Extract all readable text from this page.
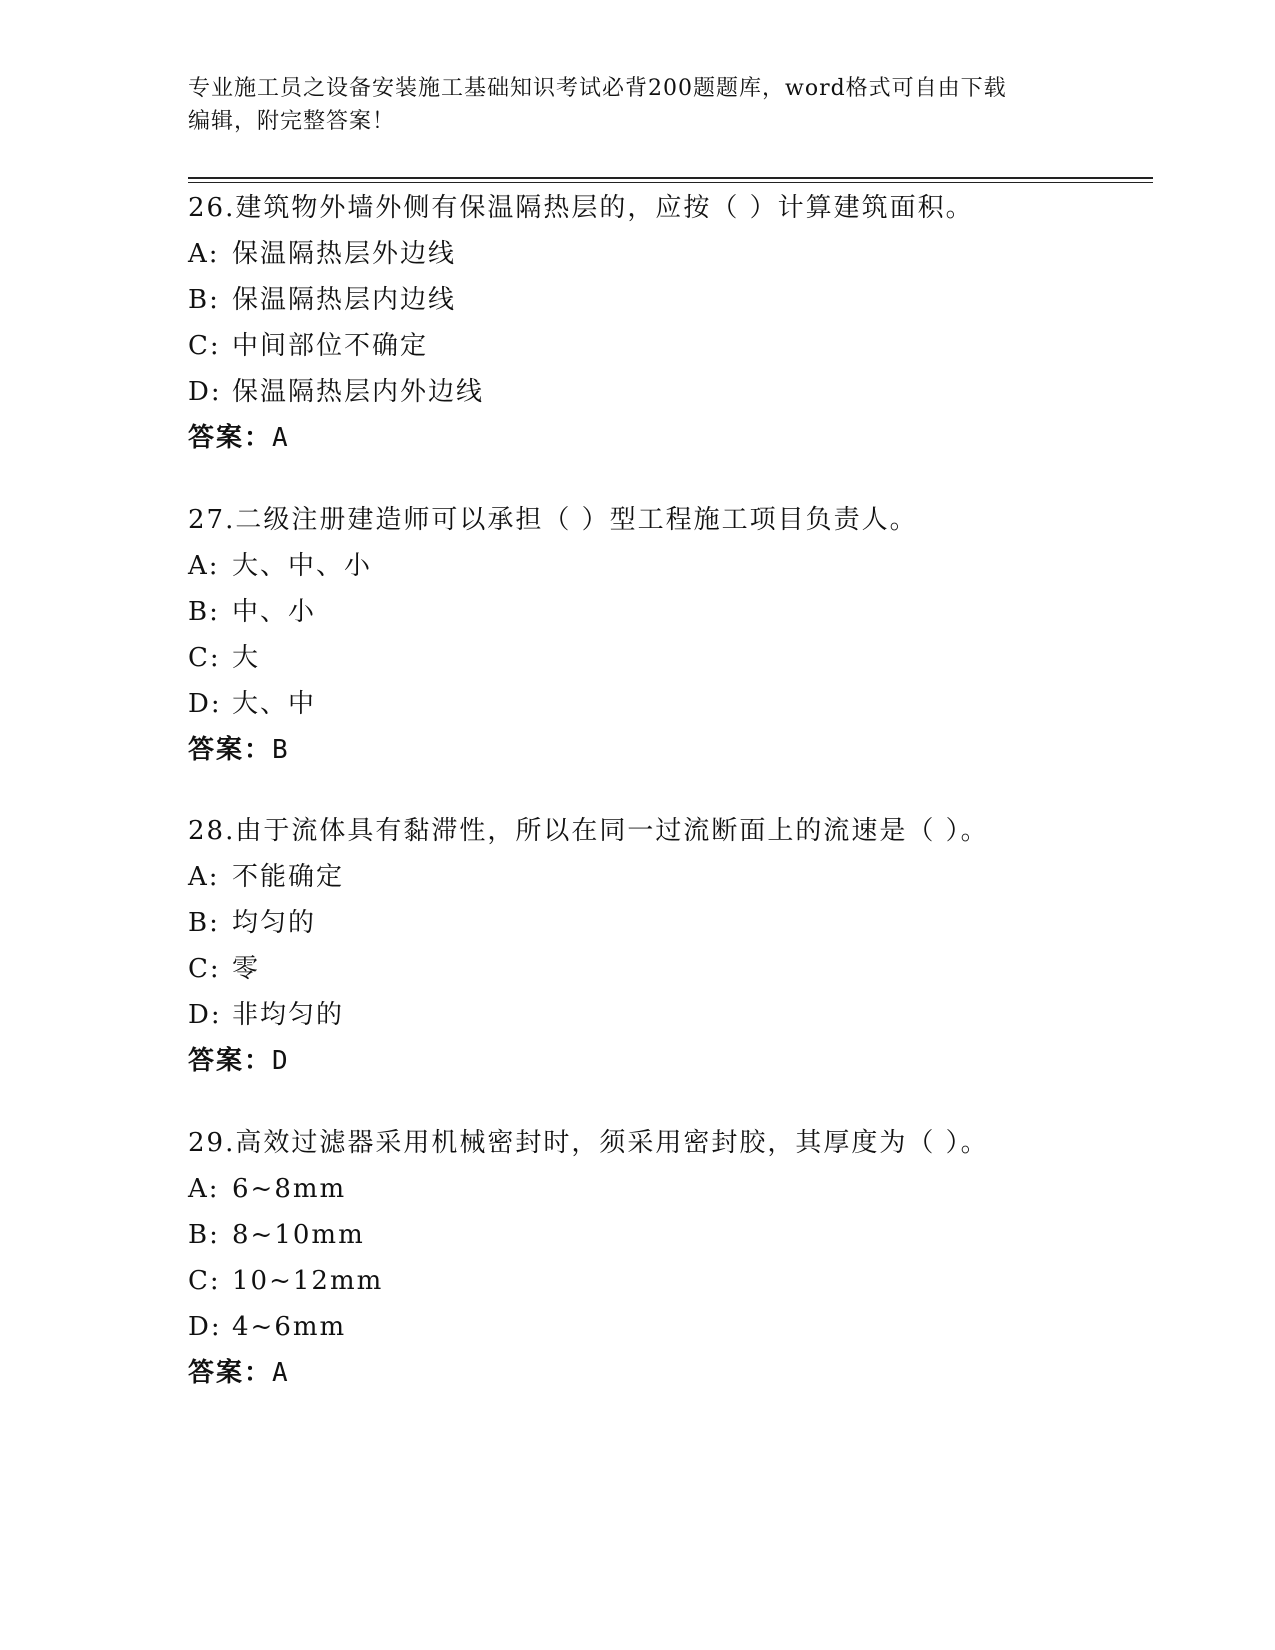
专业施工员之设备安装施工基础知识考试必背200题题库，word格式可自由下载
编辑，附完整答案！
26.建筑物外墙外侧有保温隔热层的，应按（ ）计算建筑面积。
A: 保温隔热层外边线
B: 保温隔热层内边线
C: 中间部位不确定
D: 保温隔热层内外边线
答案：A
27.二级注册建造师可以承担（ ）型工程施工项目负责人。
A: 大、中、小
B: 中、小
C: 大
D: 大、中
答案：B
28.由于流体具有黏滞性，所以在同一过流断面上的流速是（ ）。
A: 不能确定
B: 均匀的
C: 零
D: 非均匀的
答案：D
29.高效过滤器采用机械密封时，须采用密封胶，其厚度为（ ）。
A: 6~8mm
B: 8~10mm
C: 10~12mm
D: 4~6mm
答案：A
